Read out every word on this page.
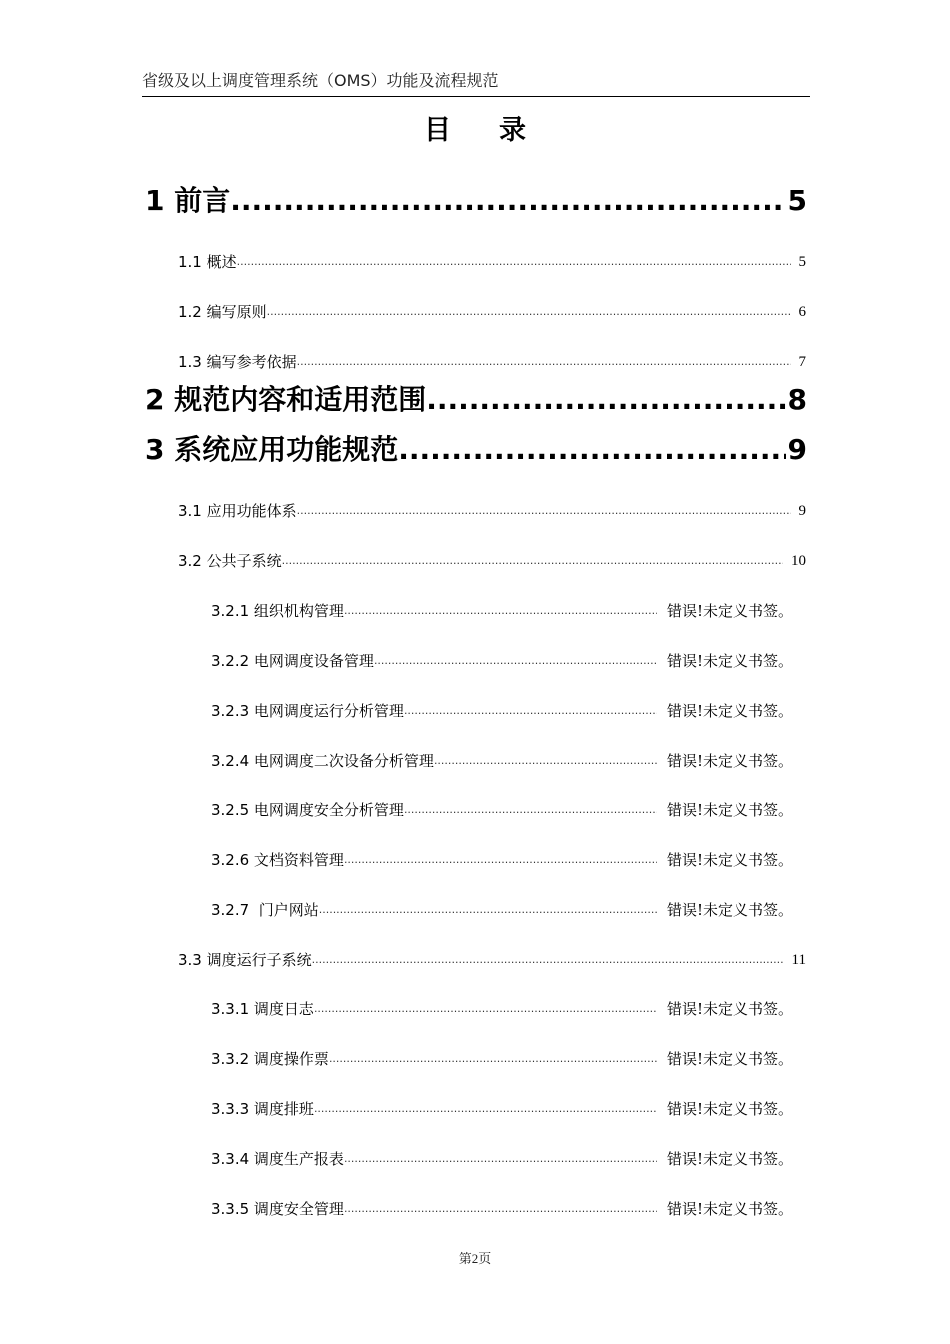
省级及以上调度管理系统（OMS）功能及流程规范
目录
1 前言 .....	5
1.1 概述 .....	5
1.2 编写原则 .....	6
1.3 编写参考依据 .....	7
2 规范内容和适用范围 .....	8
3 系统应用功能规范 .....	9
3.1 应用功能体系 .....	9
3.2 公共子系统 .....	10
3.2.1 组织机构管理 .....	错误!未定义书签。
3.2.2 电网调度设备管理 .....	错误!未定义书签。
3.2.3 电网调度运行分析管理 .....	错误!未定义书签。
3.2.4 电网调度二次设备分析管理 .....	错误!未定义书签。
3.2.5 电网调度安全分析管理 .....	错误!未定义书签。
3.2.6 文档资料管理 .....	错误!未定义书签。
3.2.7  门户网站 .....	错误!未定义书签。
3.3 调度运行子系统 .....	11
3.3.1 调度日志 .....	错误!未定义书签。
3.3.2 调度操作票 .....	错误!未定义书签。
3.3.3 调度排班 .....	错误!未定义书签。
3.3.4 调度生产报表 .....	错误!未定义书签。
3.3.5 调度安全管理 .....	错误!未定义书签。
第2页
